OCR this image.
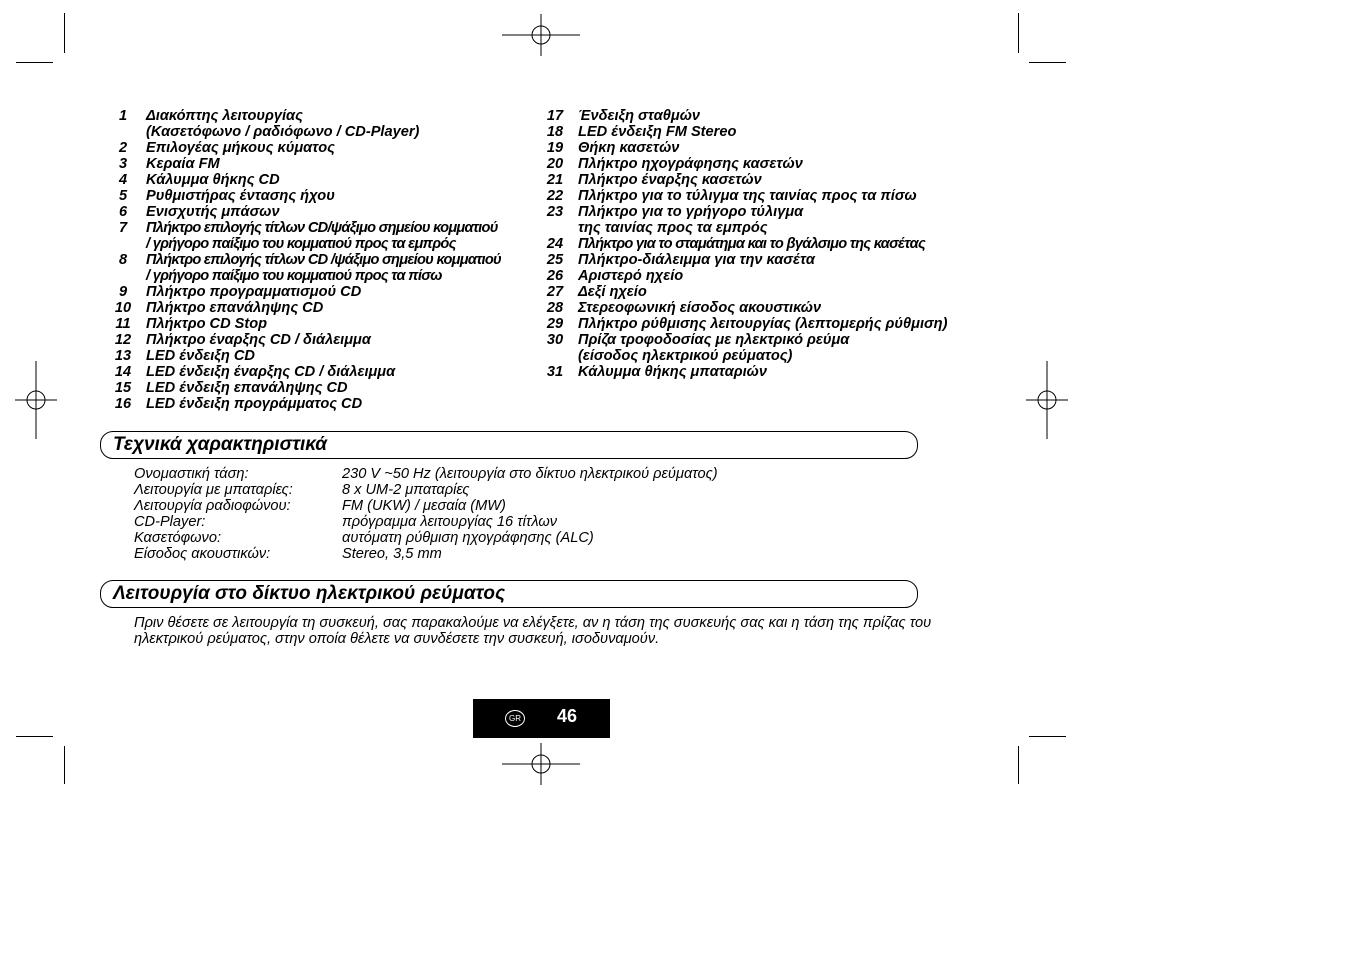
1	Διακόπτης λειτουργίας
(Κασετόφωνο / ραδιόφωνο / CD-Player)
2	Επιλογέας μήκους κύματος
3	Κεραία FM
4	Κάλυμμα θήκης CD
5	Ρυθμιστήρας έντασης ήχου
6	Ενισχυτής μπάσων
7	Πλήκτρο επιλογής τίτλων CD/ψάξιμο σημείου κομματιού
/ γρήγορο παίξιμο του κομματιού προς τα εμπρός
8	Πλήκτρο επιλογής τίτλων CD /ψάξιμο σημείου κομματιού
/ γρήγορο παίξιμο του κομματιού προς τα πίσω
9	Πλήκτρο προγραμματισμού CD
10	Πλήκτρο επανάληψης CD
11	Πλήκτρο CD Stop
12	Πλήκτρο έναρξης CD / διάλειμμα
13	LED ένδειξη CD
14	LED ένδειξη έναρξης CD / διάλειμμα
15	LED ένδειξη επανάληψης CD
16	LED ένδειξη προγράμματος CD
17	Ένδειξη σταθμών
18	LED ένδειξη FM Stereo
19	Θήκη κασετών
20	Πλήκτρο ηχογράφησης κασετών
21	Πλήκτρο έναρξης κασετών
22	Πλήκτρο για το τύλιγμα της ταινίας προς τα πίσω
23	Πλήκτρο για το γρήγορο τύλιγμα
της ταινίας προς τα εμπρός
24	Πλήκτρο για το σταμάτημα και το βγάλσιμο της κασέτας
25	Πλήκτρο-διάλειμμα για την κασέτα
26	Αριστερό ηχείο
27	Δεξί ηχείο
28	Στερεοφωνική είσοδος ακουστικών
29	Πλήκτρο ρύθμισης λειτουργίας (λεπτομερής ρύθμιση)
30	Πρίζα τροφοδοσίας με ηλεκτρικό ρεύμα
(είσοδος ηλεκτρικού ρεύματος)
31	Κάλυμμα θήκης μπαταριών
Τεχνικά χαρακτηριστικά
Ονομαστική τάση:	230 V ~50 Hz (λειτουργία στο δίκτυο ηλεκτρικού ρεύματος)
Λειτουργία με μπαταρίες:	8 x UM-2 μπαταρίες
Λειτουργία ραδιοφώνου:	FM (UKW) / μεσαία (MW)
CD-Player:	πρόγραμμα λειτουργίας 16 τίτλων
Κασετόφωνο:	αυτόματη ρύθμιση ηχογράφησης (ALC)
Είσοδος ακουστικών:	Stereo, 3,5 mm
Λειτουργία στο δίκτυο ηλεκτρικού ρεύματος
Πριν θέσετε σε λειτουργία τη συσκευή, σας παρακαλούμε να ελέγξετε, αν η τάση της συσκευής σας και η τάση της πρίζας του ηλεκτρικού ρεύματος, στην οποία θέλετε να συνδέσετε την συσκευή, ισοδυναμούν.
GR 46
